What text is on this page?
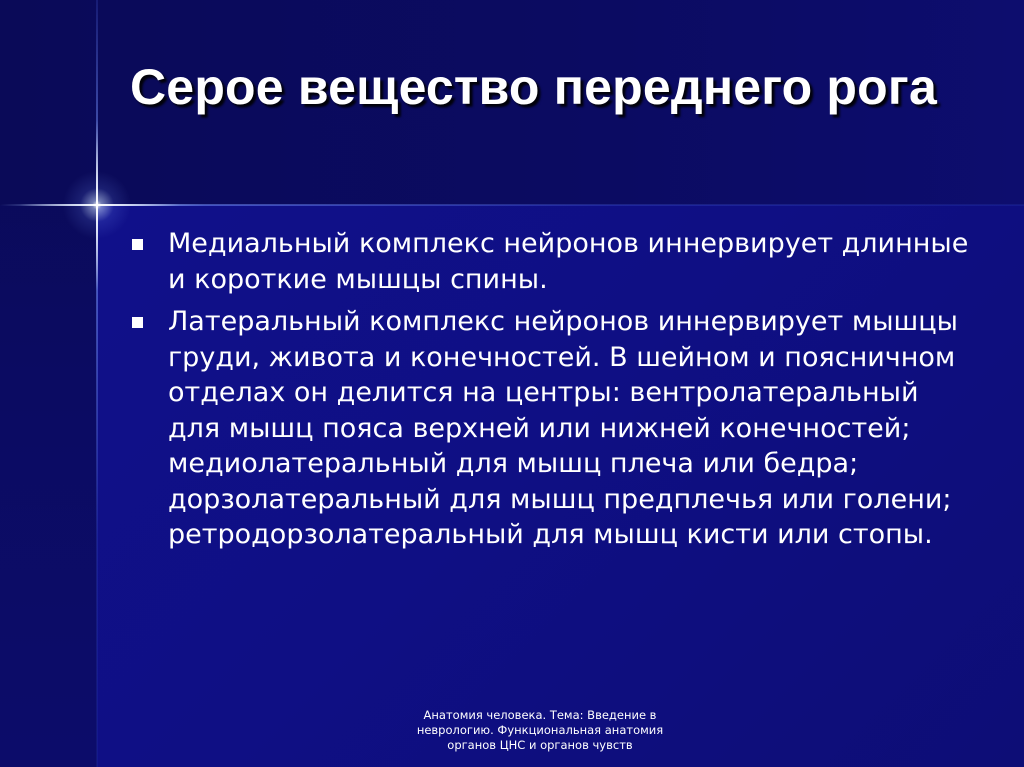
Серое вещество переднего рога
Медиальный комплекс нейронов иннервирует длинные и короткие мышцы спины.
Латеральный комплекс нейронов иннервирует мышцы груди, живота и конечностей. В шейном и поясничном отделах он делится на центры: вентролатеральный для мышц пояса верхней или нижней конечностей; медиолатеральный для мышц плеча или бедра; дорзолатеральный для мышц предплечья или голени; ретродорзолатеральный для мышц кисти или стопы.

Анатомия человека. Тема: Введение в неврологию. Функциональная анатомия органов ЦНС и органов чувств
